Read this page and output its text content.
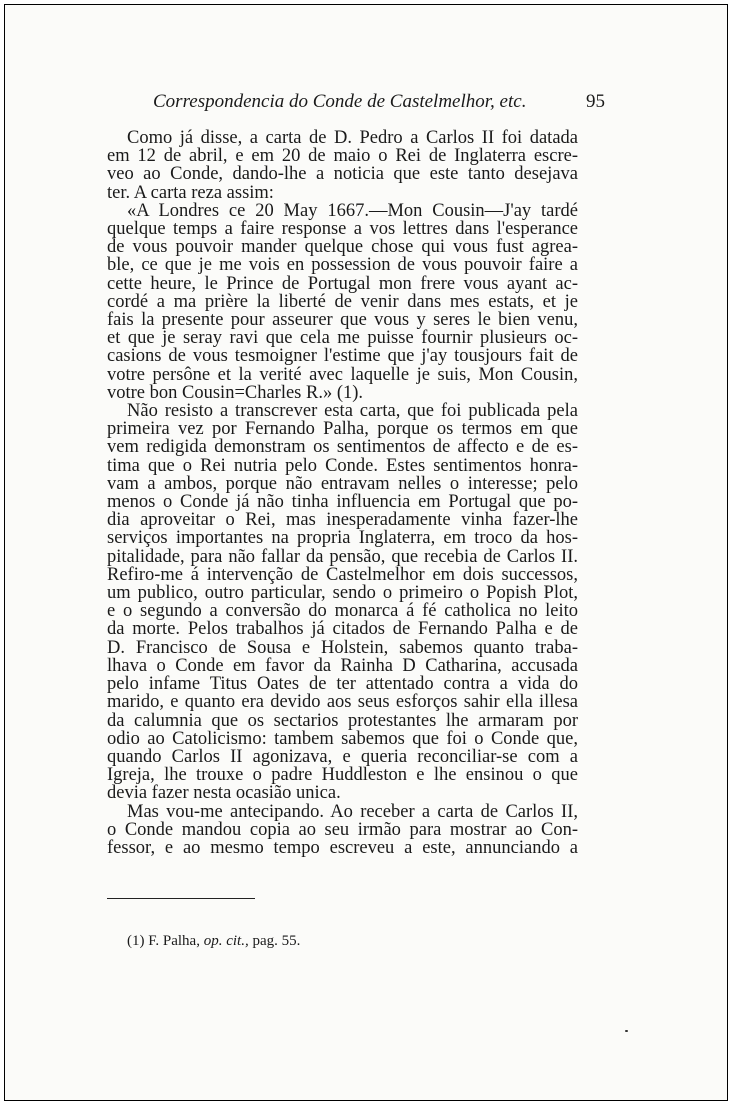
Correspondencia do Conde de Castelmelhor, etc.	95
Como já disse, a carta de D. Pedro a Carlos II foi datada
em 12 de abril, e em 20 de maio o Rei de Inglaterra escre-
veo ao Conde, dando-lhe a noticia que este tanto desejava
ter. A carta reza assim:
«A Londres ce 20 May 1667.—Mon Cousin—J'ay tardé
quelque temps a faire response a vos lettres dans l'esperance
de vous pouvoir mander quelque chose qui vous fust agrea-
ble, ce que je me vois en possession de vous pouvoir faire a
cette heure, le Prince de Portugal mon frere vous ayant ac-
cordé a ma prière la liberté de venir dans mes estats, et je
fais la presente pour asseurer que vous y seres le bien venu,
et que je seray ravi que cela me puisse fournir plusieurs oc-
casions de vous tesmoigner l'estime que j'ay tousjours fait de
votre persône et la verité avec laquelle je suis, Mon Cousin,
votre bon Cousin=Charles R.» (1).
Não resisto a transcrever esta carta, que foi publicada pela
primeira vez por Fernando Palha, porque os termos em que
vem redigida demonstram os sentimentos de affecto e de es-
tima que o Rei nutria pelo Conde. Estes sentimentos honra-
vam a ambos, porque não entravam nelles o interesse; pelo
menos o Conde já não tinha influencia em Portugal que po-
dia aproveitar o Rei, mas inesperadamente vinha fazer-lhe
serviços importantes na propria Inglaterra, em troco da hos-
pitalidade, para não fallar da pensão, que recebia de Carlos II.
Refiro-me á intervenção de Castelmelhor em dois successos,
um publico, outro particular, sendo o primeiro o Popish Plot,
e o segundo a conversão do monarca á fé catholica no leito
da morte. Pelos trabalhos já citados de Fernando Palha e de
D. Francisco de Sousa e Holstein, sabemos quanto traba-
lhava o Conde em favor da Rainha D Catharina, accusada
pelo infame Titus Oates de ter attentado contra a vida do
marido, e quanto era devido aos seus esforços sahir ella illesa
da calumnia que os sectarios protestantes lhe armaram por
odio ao Catolicismo: tambem sabemos que foi o Conde que,
quando Carlos II agonizava, e queria reconciliar-se com a
Igreja, lhe trouxe o padre Huddleston e lhe ensinou o que
devia fazer nesta ocasião unica.
Mas vou-me antecipando. Ao receber a carta de Carlos II,
o Conde mandou copia ao seu irmão para mostrar ao Con-
fessor, e ao mesmo tempo escreveu a este, annunciando a
(1) F. Palha, op. cit., pag. 55.
